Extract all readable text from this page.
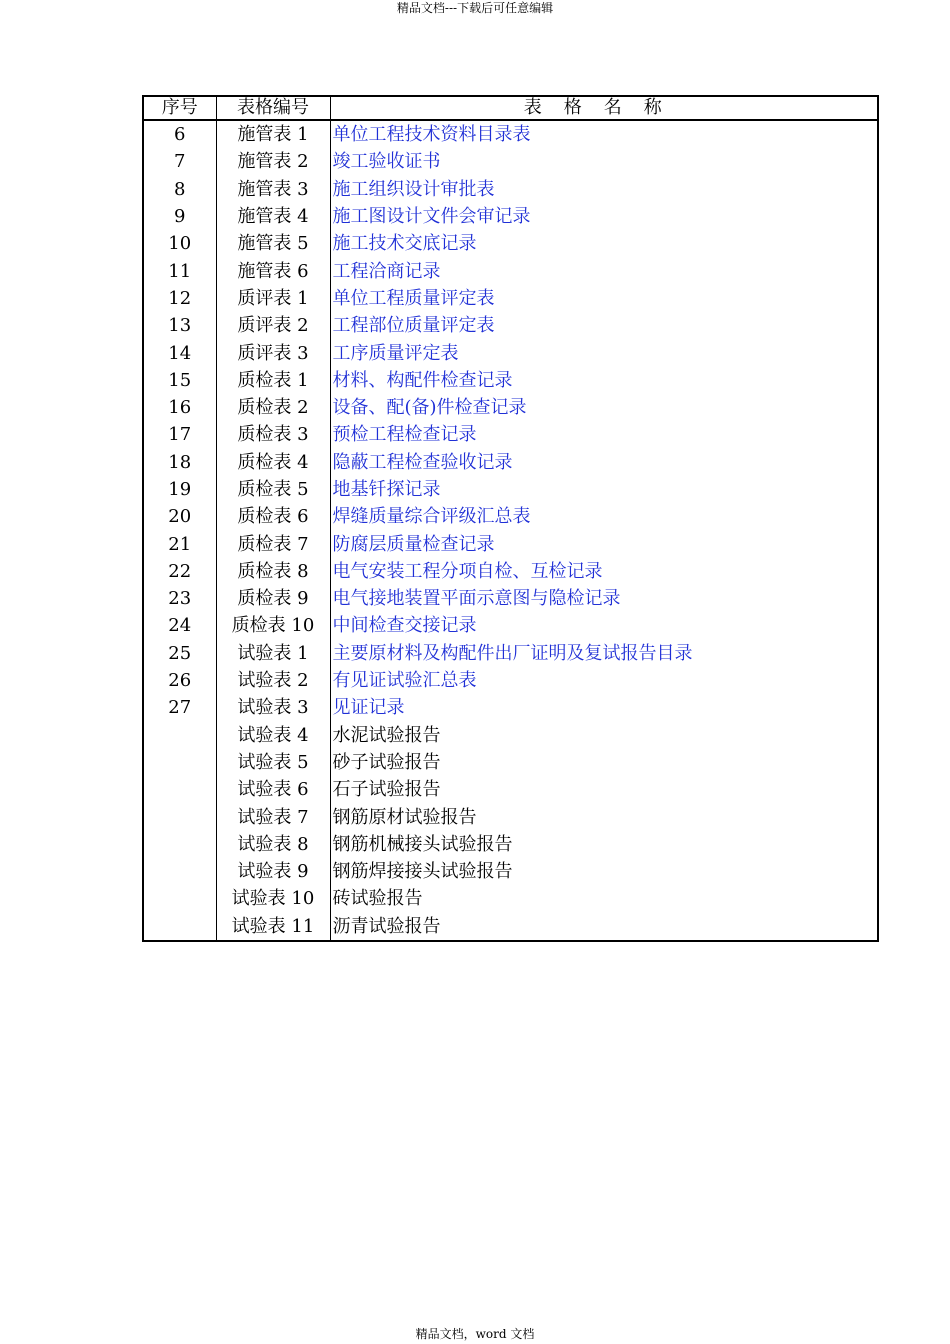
精品文档---下载后可任意编辑
序号	表格编号	表格名称
6	施管表 1	单位工程技术资料目录表
7	施管表 2	竣工验收证书
8	施管表 3	施工组织设计审批表
9	施管表 4	施工图设计文件会审记录
10	施管表 5	施工技术交底记录
11	施管表 6	工程洽商记录
12	质评表 1	单位工程质量评定表
13	质评表 2	工程部位质量评定表
14	质评表 3	工序质量评定表
15	质检表 1	材料、构配件检查记录
16	质检表 2	设备、配(备)件检查记录
17	质检表 3	预检工程检查记录
18	质检表 4	隐蔽工程检查验收记录
19	质检表 5	地基钎探记录
20	质检表 6	焊缝质量综合评级汇总表
21	质检表 7	防腐层质量检查记录
22	质检表 8	电气安装工程分项自检、互检记录
23	质检表 9	电气接地装置平面示意图与隐检记录
24	质检表 10	中间检查交接记录
25	试验表 1	主要原材料及构配件出厂证明及复试报告目录
26	试验表 2	有见证试验汇总表
27	试验表 3	见证记录
	试验表 4	水泥试验报告
	试验表 5	砂子试验报告
	试验表 6	石子试验报告
	试验表 7	钢筋原材试验报告
	试验表 8	钢筋机械接头试验报告
	试验表 9	钢筋焊接接头试验报告
	试验表 10	砖试验报告
	试验表 11	沥青试验报告
精品文档，word 文档
